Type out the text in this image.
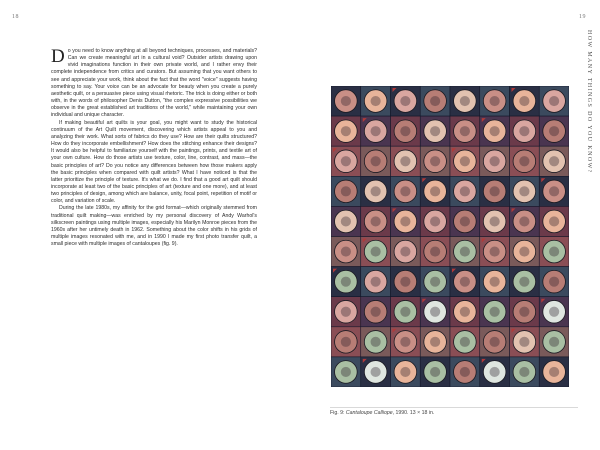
18	19
HOW MANY THINGS DO YOU KNOW?

Do you need to know anything at all beyond techniques, processes, and materials? Can we create meaningful art in a cultural void? Outsider artists drawing upon vivid imaginations function in their own private world, and I rather envy their complete independence from critics and curators. But assuming that you want others to see and appreciate your work, think about the fact that the word "voice" suggests having something to say. Your voice can be an advocate for beauty when you create a purely aesthetic quilt, or a persuasive piece using visual rhetoric. The trick is doing either or both with, in the words of philosopher Denis Dutton, "the complex expressive possibilities we observe in the great established art traditions of the world," while maintaining your own individual and unique character.

If making beautiful art quilts is your goal, you might want to study the historical continuum of the Art Quilt movement, discovering which artists appeal to you and analyzing their work. What sorts of fabrics do they use? How are their quilts structured? How do they incorporate embellishment? How does the stitching enhance their designs? It would also be helpful to familiarize yourself with the paintings, prints, and textile art of your own culture. How do those artists use texture, color, line, contrast, and mass—the basic principles of art? Do you notice any differences between how those makers apply the basic principles when compared with quilt artists? What I have noticed is that the latter prioritize the principle of texture. It's what we do. I find that a good art quilt should incorporate at least two of the basic principles of art (texture and one more), and at least two principles of design, among which are balance, unity, focal point, repetition of motif or color, and variation of scale.

During the late 1980s, my affinity for the grid format—which originally stemmed from traditional quilt making—was enriched by my personal discovery of Andy Warhol's silkscreen paintings using multiple images, especially his Marilyn Monroe pieces from the 1960s after her untimely death in 1962. Something about the color shifts in his grids of multiple images resonated with me, and in 1990 I made my first photo transfer quilt, a small piece with multiple images of cantaloupes (fig. 9).

Fig. 9: Cantaloupe Calliope, 1990. 13 × 18 in.
